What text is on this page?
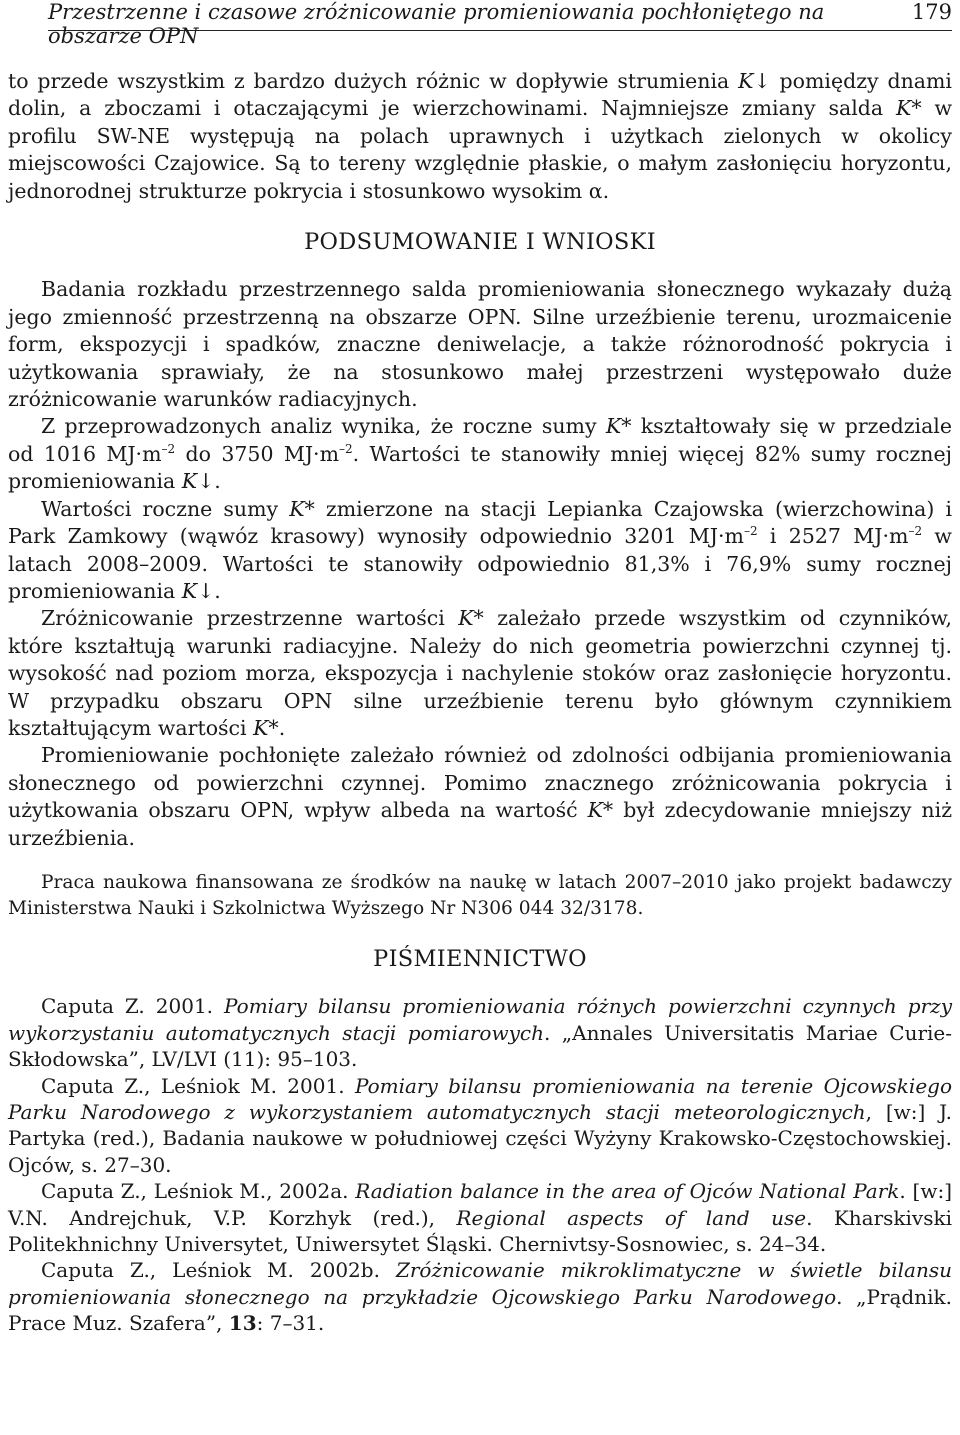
Przestrzenne i czasowe zróżnicowanie promieniowania pochłoniętego na obszarze OPN
179

to przede wszystkim z bardzo dużych różnic w dopływie strumienia K↓ pomiędzy dnami dolin, a zboczami i otaczającymi je wierzchowinami. Najmniejsze zmiany salda K* w profilu SW-NE występują na polach uprawnych i użytkach zielonych w okolicy miejscowości Czajowice. Są to tereny względnie płaskie, o małym zasłonięciu horyzontu, jednorodnej strukturze pokrycia i stosunkowo wysokim α.

PODSUMOWANIE I WNIOSKI

Badania rozkładu przestrzennego salda promieniowania słonecznego wykazały dużą jego zmienność przestrzenną na obszarze OPN. Silne urzeźbienie terenu, urozmaicenie form, ekspozycji i spadków, znaczne deniwelacje, a także różnorodność pokrycia i użytkowania sprawiały, że na stosunkowo małej przestrzeni występowało duże zróżnicowanie warunków radiacyjnych.

Z przeprowadzonych analiz wynika, że roczne sumy K* kształtowały się w przedziale od 1016 $MJ\cdot m^{-2}$ do 3750 $MJ\cdot m^{-2}$. Wartości te stanowiły mniej więcej 82% sumy rocznej promieniowania K↓.

Wartości roczne sumy K* zmierzone na stacji Lepianka Czajowska (wierzchowina) i Park Zamkowy (wąwóz krasowy) wynosiły odpowiednio 3201 $MJ\cdot m^{-2}$ i 2527 $MJ\cdot m^{-2}$ w latach 2008–2009. Wartości te stanowiły odpowiednio 81,3% i 76,9% sumy rocznej promieniowania K↓.

Zróżnicowanie przestrzenne wartości K* zależało przede wszystkim od czynników, które kształtują warunki radiacyjne. Należy do nich geometria powierzchni czynnej tj. wysokość nad poziom morza, ekspozycja i nachylenie stoków oraz zasłonięcie horyzontu. W przypadku obszaru OPN silne urzeźbienie terenu było głównym czynnikiem kształtującym wartości K*.

Promieniowanie pochłonięte zależało również od zdolności odbijania promieniowania słonecznego od powierzchni czynnej. Pomimo znacznego zróżnicowania pokrycia i użytkowania obszaru OPN, wpływ albeda na wartość K* był zdecydowanie mniejszy niż urzeźbienia.

Praca naukowa finansowana ze środków na naukę w latach 2007–2010 jako projekt badawczy Ministerstwa Nauki i Szkolnictwa Wyższego Nr N306 044 32/3178.

PIŚMIENNICTWO

Caputa Z. 2001. Pomiary bilansu promieniowania różnych powierzchni czynnych przy wykorzystaniu automatycznych stacji pomiarowych. „Annales Universitatis Mariae Curie-Skłodowska”, LV/LVI (11): 95–103.

Caputa Z., Leśniok M. 2001. Pomiary bilansu promieniowania na terenie Ojcowskiego Parku Narodowego z wykorzystaniem automatycznych stacji meteorologicznych, [w:] J. Partyka (red.), Badania naukowe w południowej części Wyżyny Krakowsko-Częstochowskiej. Ojców, s. 27–30.

Caputa Z., Leśniok M., 2002a. Radiation balance in the area of Ojców National Park. [w:] V.N. Andrejchuk, V.P. Korzhyk (red.), Regional aspects of land use. Kharskivski Politekhnichny Universytet, Uniwersytet Śląski. Chernivtsy-Sosnowiec, s. 24–34.

Caputa Z., Leśniok M. 2002b. Zróżnicowanie mikroklimatyczne w świetle bilansu promieniowania słonecznego na przykładzie Ojcowskiego Parku Narodowego. „Prądnik. Prace Muz. Szafera”, 13: 7–31.
